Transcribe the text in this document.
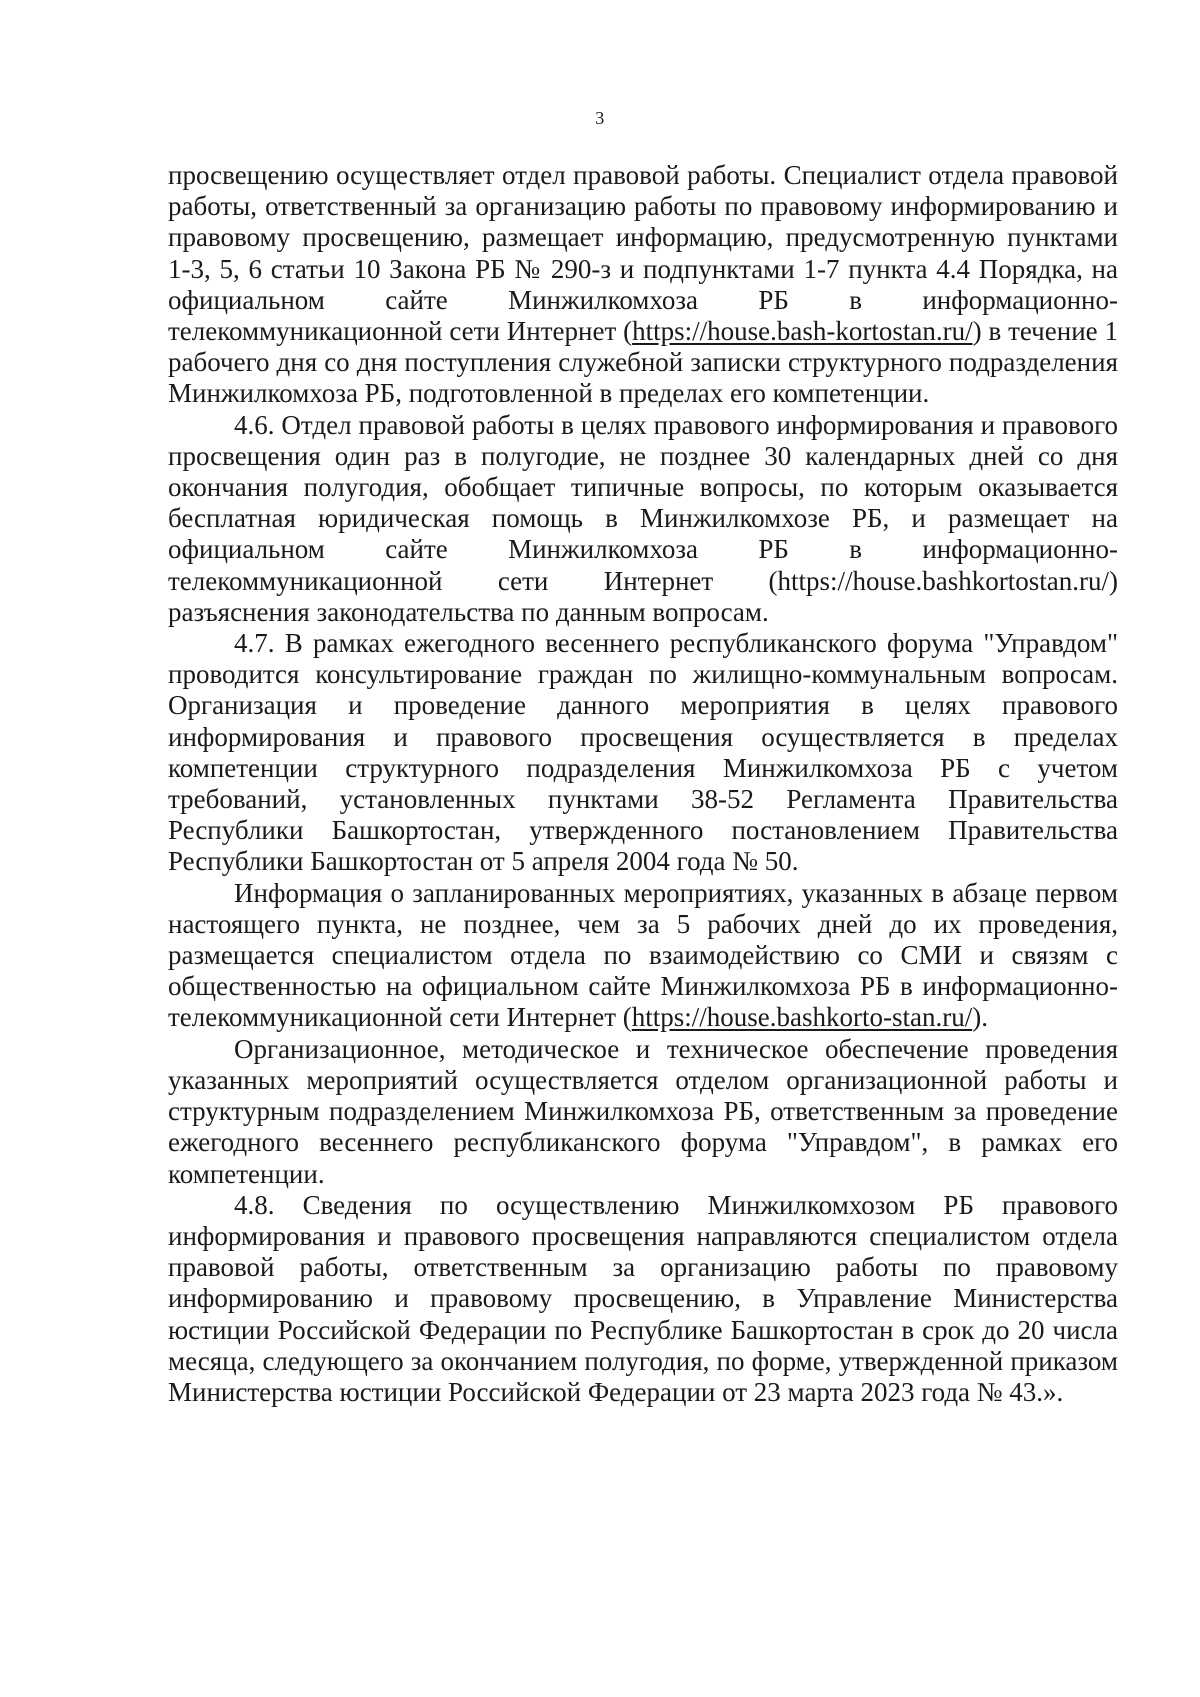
3

просвещению осуществляет отдел правовой работы. Специалист отдела правовой работы, ответственный за организацию работы по правовому информированию и правовому просвещению, размещает информацию, предусмотренную пунктами 1-3, 5, 6 статьи 10 Закона РБ № 290-з и подпунктами 1-7 пункта 4.4 Порядка, на официальном сайте Минжилкомхоза РБ в информационно-телекоммуникационной сети Интернет (https://house.bash-kortostan.ru/) в течение 1 рабочего дня со дня поступления служебной записки структурного подразделения Минжилкомхоза РБ, подготовленной в пределах его компетенции.

4.6. Отдел правовой работы в целях правового информирования и правового просвещения один раз в полугодие, не позднее 30 календарных дней со дня окончания полугодия, обобщает типичные вопросы, по которым оказывается бесплатная юридическая помощь в Минжилкомхозе РБ, и размещает на официальном сайте Минжилкомхоза РБ в информационно-телекоммуникационной сети Интернет (https://house.bashkortostan.ru/) разъяснения законодательства по данным вопросам.

4.7. В рамках ежегодного весеннего республиканского форума "Управдом" проводится консультирование граждан по жилищно-коммунальным вопросам. Организация и проведение данного мероприятия в целях правового информирования и правового просвещения осуществляется в пределах компетенции структурного подразделения Минжилкомхоза РБ с учетом требований, установленных пунктами 38-52 Регламента Правительства Республики Башкортостан, утвержденного постановлением Правительства Республики Башкортостан от 5 апреля 2004 года № 50.

Информация о запланированных мероприятиях, указанных в абзаце первом настоящего пункта, не позднее, чем за 5 рабочих дней до их проведения, размещается специалистом отдела по взаимодействию со СМИ и связям с общественностью на официальном сайте Минжилкомхоза РБ в информационно-телекоммуникационной сети Интернет (https://house.bashkorto-stan.ru/).

Организационное, методическое и техническое обеспечение проведения указанных мероприятий осуществляется отделом организационной работы и структурным подразделением Минжилкомхоза РБ, ответственным за проведение ежегодного весеннего республиканского форума "Управдом", в рамках его компетенции.

4.8. Сведения по осуществлению Минжилкомхозом РБ правового информирования и правового просвещения направляются специалистом отдела правовой работы, ответственным за организацию работы по правовому информированию и правовому просвещению, в Управление Министерства юстиции Российской Федерации по Республике Башкортостан в срок до 20 числа месяца, следующего за окончанием полугодия, по форме, утвержденной приказом Министерства юстиции Российской Федерации от 23 марта 2023 года № 43.».
